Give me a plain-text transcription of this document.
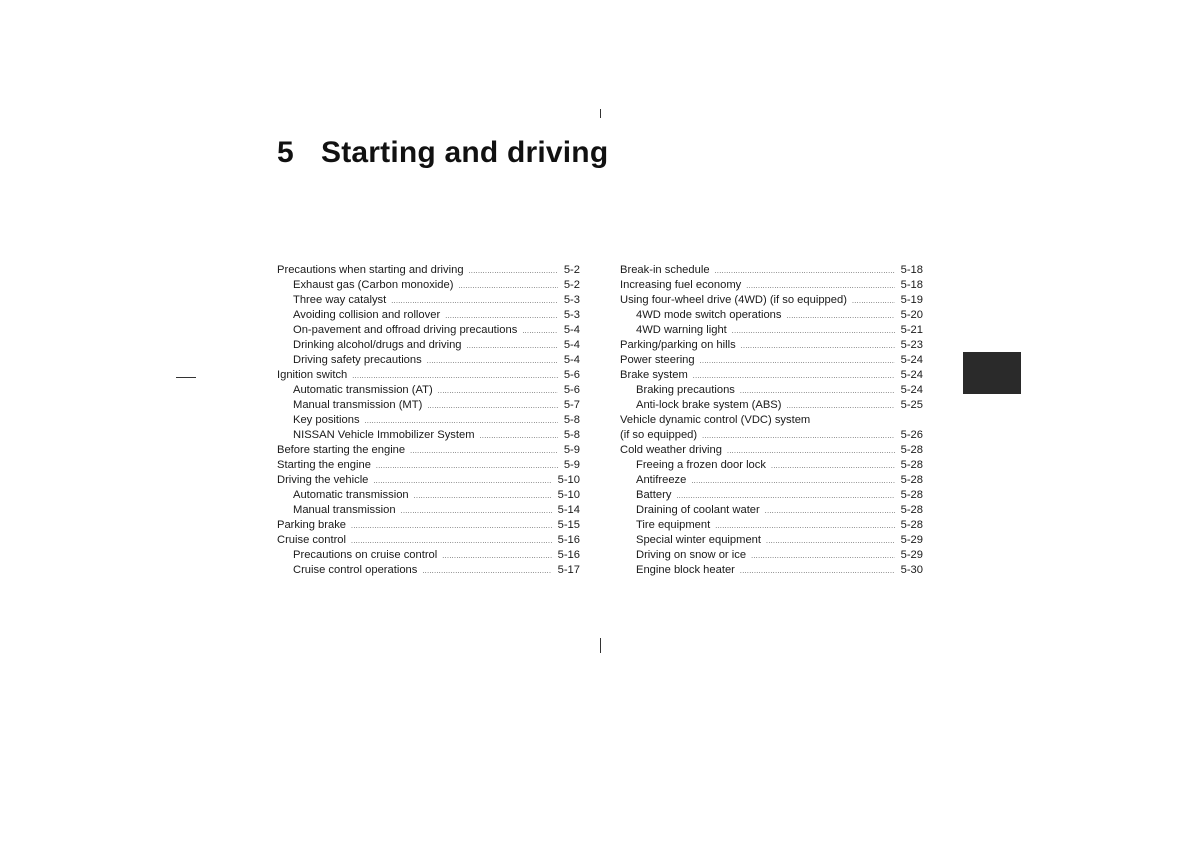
5 Starting and driving
Precautions when starting and driving .....	5-2
Exhaust gas (Carbon monoxide) .....	5-2
Three way catalyst .....	5-3
Avoiding collision and rollover .....	5-3
On-pavement and offroad driving precautions .....	5-4
Drinking alcohol/drugs and driving .....	5-4
Driving safety precautions .....	5-4
Ignition switch .....	5-6
Automatic transmission (AT) .....	5-6
Manual transmission (MT) .....	5-7
Key positions .....	5-8
NISSAN Vehicle Immobilizer System .....	5-8
Before starting the engine .....	5-9
Starting the engine .....	5-9
Driving the vehicle .....	5-10
Automatic transmission .....	5-10
Manual transmission .....	5-14
Parking brake .....	5-15
Cruise control .....	5-16
Precautions on cruise control .....	5-16
Cruise control operations .....	5-17
Break-in schedule .....	5-18
Increasing fuel economy .....	5-18
Using four-wheel drive (4WD) (if so equipped) .....	5-19
4WD mode switch operations .....	5-20
4WD warning light .....	5-21
Parking/parking on hills .....	5-23
Power steering .....	5-24
Brake system .....	5-24
Braking precautions .....	5-24
Anti-lock brake system (ABS) .....	5-25
Vehicle dynamic control (VDC) system
(if so equipped) .....	5-26
Cold weather driving .....	5-28
Freeing a frozen door lock .....	5-28
Antifreeze .....	5-28
Battery .....	5-28
Draining of coolant water .....	5-28
Tire equipment .....	5-28
Special winter equipment .....	5-29
Driving on snow or ice .....	5-29
Engine block heater .....	5-30
